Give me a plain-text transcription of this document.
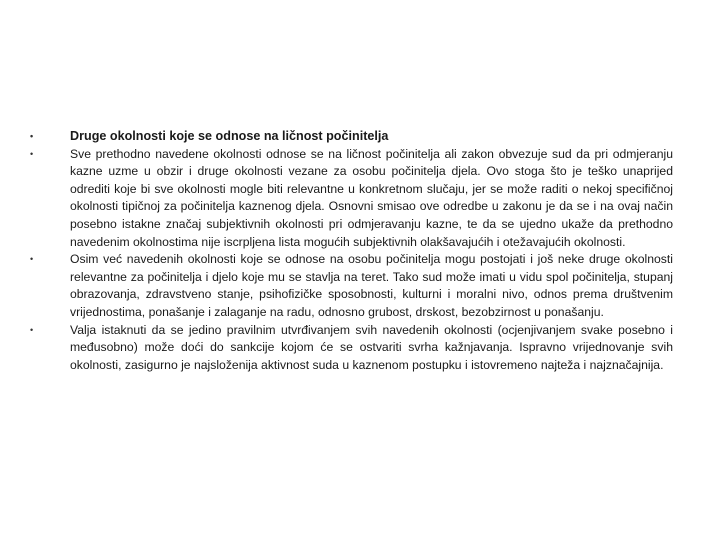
•	Druge okolnosti koje se odnose na ličnost počinitelja
•	Sve prethodno navedene okolnosti odnose se na ličnost počinitelja ali zakon obvezuje sud da pri odmjeranju kazne uzme u obzir i druge okolnosti vezane za osobu počinitelja djela. Ovo stoga što je teško unaprijed odrediti koje bi sve okolnosti mogle biti relevantne u konkretnom slučaju, jer se može raditi o nekoj specifičnoj okolnosti tipičnoj za počinitelja kaznenog djela. Osnovni smisao ove odredbe u zakonu je da se i na ovaj način posebno istakne značaj subjektivnih okolnosti pri odmjeravanju kazne, te da se ujedno ukaže da prethodno navedenim okolnostima nije iscrpljena lista mogućih subjektivnih olakšavajućih i otežavajućih okolnosti.
•	Osim već navedenih okolnosti koje se odnose na osobu počinitelja mogu postojati i još neke druge okolnosti relevantne za počinitelja i djelo koje mu se stavlja na teret. Tako sud može imati u vidu spol počinitelja, stupanj obrazovanja, zdravstveno stanje, psihofizičke sposobnosti, kulturni i moralni nivo, odnos prema društvenim vrijednostima, ponašanje i zalaganje na radu, odnosno grubost, drskost, bezobzirnost u ponašanju.
•	Valja istaknuti da se jedino pravilnim utvrđivanjem svih navedenih okolnosti (ocjenjivanjem svake posebno i međusobno) može doći do sankcije kojom će se ostvariti svrha kažnjavanja. Ispravno vrijednovanje svih okolnosti, zasigurno je najsloženija aktivnost suda u kaznenom postupku i istovremeno najteža i najznačajnija.
